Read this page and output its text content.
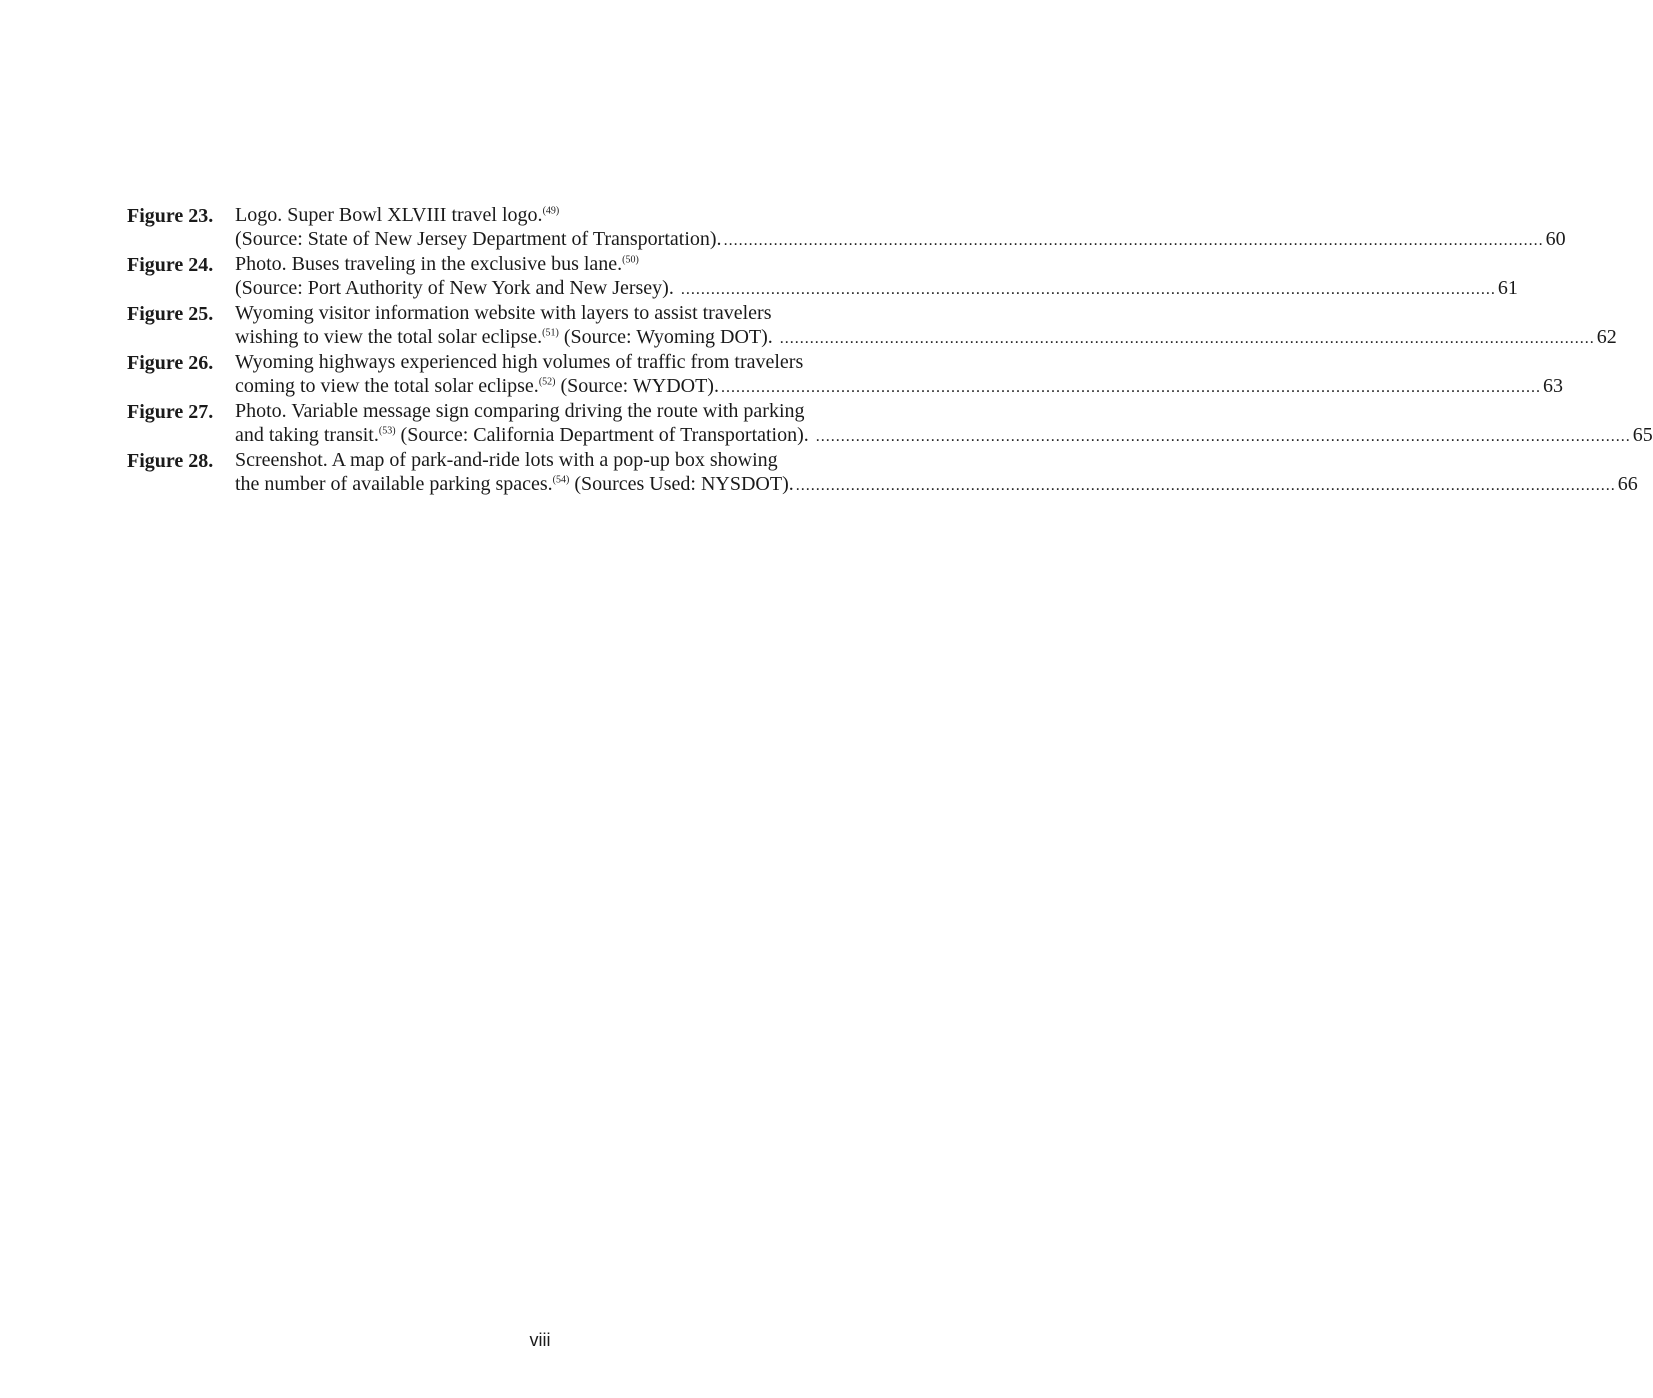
Figure 23. Logo. Super Bowl XLVIII travel logo.$^{(49)}$
(Source: State of New Jersey Department of Transportation). .................................................................................................................................................................... 60
Figure 24. Photo. Buses traveling in the exclusive bus lane.$^{(50)}$
(Source: Port Authority of New York and New Jersey). ................................................................................................................................................................... 61
Figure 25. Wyoming visitor information website with layers to assist travelers
wishing to view the total solar eclipse.$^{(51)}$ (Source: Wyoming DOT). ................................................................................................................................................................... 62
Figure 26. Wyoming highways experienced high volumes of traffic from travelers
coming to view the total solar eclipse.$^{(52)}$ (Source: WYDOT). .................................................................................................................................................................... 63
Figure 27. Photo. Variable message sign comparing driving the route with parking
and taking transit.$^{(53)}$ (Source: California Department of Transportation). ................................................................................................................................................................... 65
Figure 28. Screenshot. A map of park-and-ride lots with a pop-up box showing
the number of available parking spaces.$^{(54)}$ (Sources Used: NYSDOT). .................................................................................................................................................................... 66
viii
